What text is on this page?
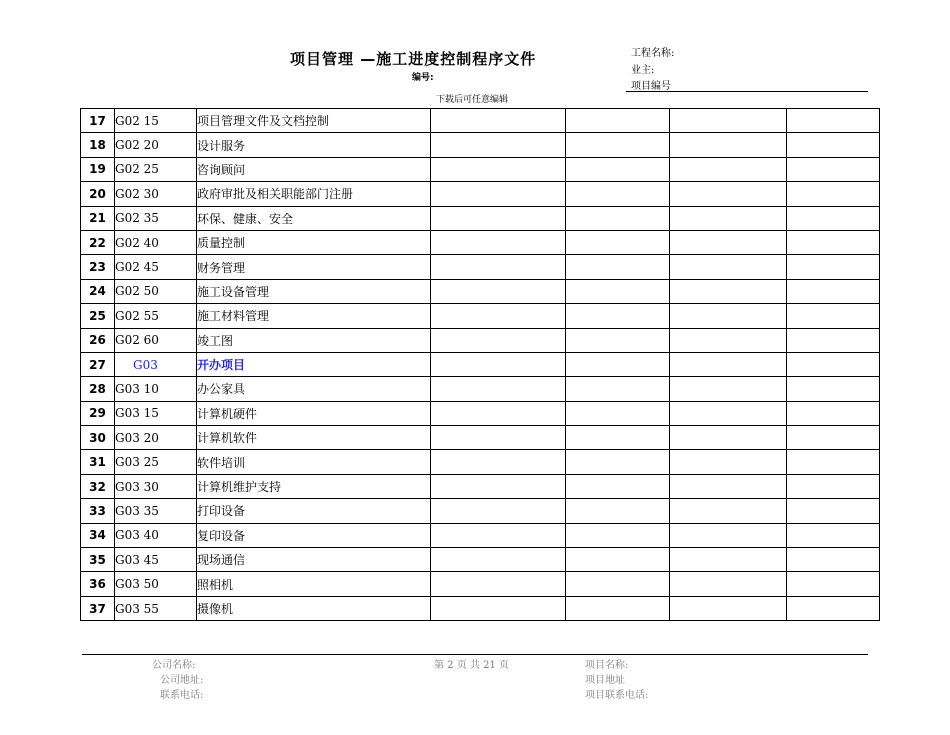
项目管理 —施工进度控制程序文件
编号:
下载后可任意编辑
工程名称:
业主:
项目编号
17	G02 15	项目管理文件及文档控制				
18	G02 20	设计服务				
19	G02 25	咨询顾问				
20	G02 30	政府审批及相关职能部门注册				
21	G02 35	环保、健康、安全				
22	G02 40	质量控制				
23	G02 45	财务管理				
24	G02 50	施工设备管理				
25	G02 55	施工材料管理				
26	G02 60	竣工图				
27	G03	开办项目				
28	G03 10	办公家具				
29	G03 15	计算机硬件				
30	G03 20	计算机软件				
31	G03 25	软件培训				
32	G03 30	计算机维护支持				
33	G03 35	打印设备				
34	G03 40	复印设备				
35	G03 45	现场通信				
36	G03 50	照相机				
37	G03 55	摄像机				
公司名称:
公司地址:
联系电话:
第 2 页 共 21 页	项目名称:
项目地址
项目联系电话:
